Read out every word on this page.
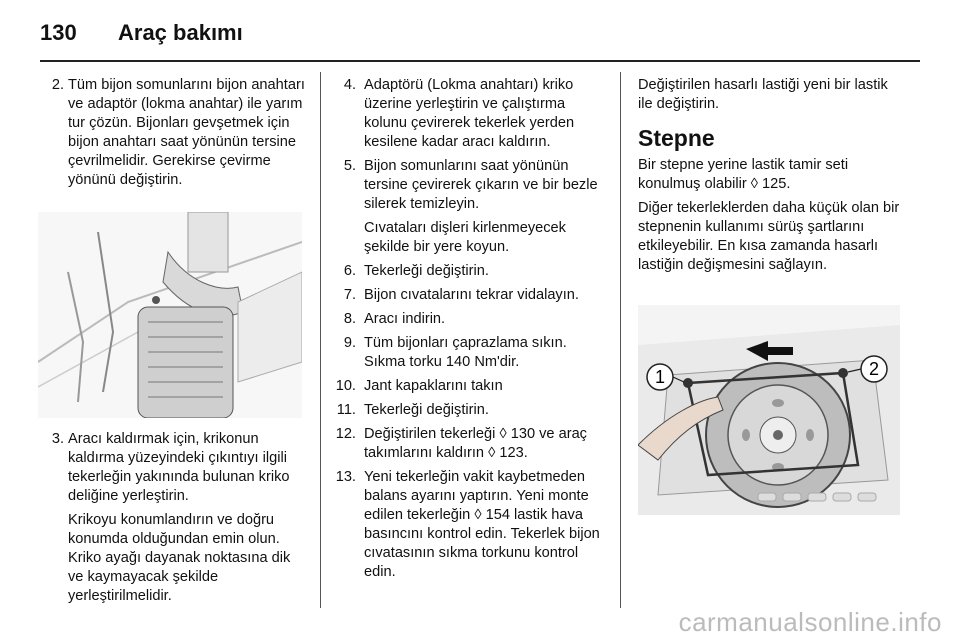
130 Araç bakımı
2. Tüm bijon somunlarını bijon anahtarı ve adaptör (lokma anahtar) ile yarım tur çözün. Bijonları gevşetmek için bijon anahtarı saat yönünün tersine çevrilmelidir. Gerekirse çevirme yönünü değiştirin.
3. Aracı kaldırmak için, krikonun kaldırma yüzeyindeki çıkıntıyı ilgili tekerleğin yakınında bulunan kriko deliğine yerleştirin.
Krikoyu konumlandırın ve doğru konumda olduğundan emin olun. Kriko ayağı dayanak noktasına dik ve kaymayacak şekilde yerleştirilmelidir.
4. Adaptörü (Lokma anahtarı) kriko üzerine yerleştirin ve çalıştırma kolunu çevirerek tekerlek yerden kesilene kadar aracı kaldırın.
5. Bijon somunlarını saat yönünün tersine çevirerek çıkarın ve bir bezle silerek temizleyin.
Cıvataları dişleri kirlenmeyecek şekilde bir yere koyun.
6. Tekerleği değiştirin.
7. Bijon cıvatalarını tekrar vidalayın.
8. Aracı indirin.
9. Tüm bijonları çaprazlama sıkın. Sıkma torku 140 Nm'dir.
10. Jant kapaklarını takın
11. Tekerleği değiştirin.
12. Değiştirilen tekerleği ◊ 130 ve araç takımlarını kaldırın ◊ 123.
13. Yeni tekerleğin vakit kaybetmeden balans ayarını yaptırın. Yeni monte edilen tekerleğin ◊ 154 lastik hava basıncını kontrol edin. Tekerlek bijon cıvatasının sıkma torkunu kontrol edin.

Değiştirilen hasarlı lastiği yeni bir lastik ile değiştirin.

Stepne

Bir stepne yerine lastik tamir seti konulmuş olabilir ◊ 125.

Diğer tekerleklerden daha küçük olan bir stepnenin kullanımı sürüş şartlarını etkileyebilir. En kısa zamanda hasarlı lastiğin değişmesini sağlayın.

1	2
carmanualsonline.info
